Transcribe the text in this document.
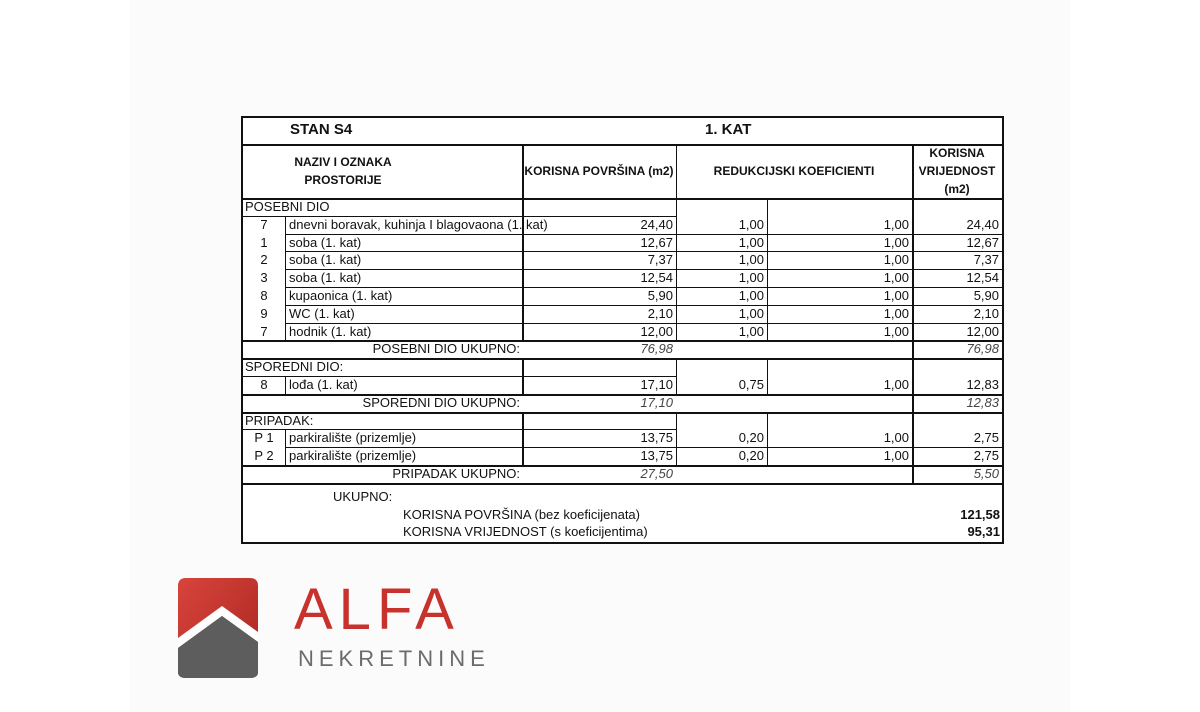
STAN S4	1. KAT
NAZIV I OZNAKA
PROSTORIJE
KORISNA POVRŠINA (m2)	REDUKCIJSKI KOEFICIENTI
KORISNA
VRIJEDNOST
(m2)
POSEBNI DIO
7	dnevni boravak, kuhinja I blagovaona (1. kat)	24,40	1,00	1,00	24,40
1	soba (1. kat)	12,67	1,00	1,00	12,67
2	soba (1. kat)	7,37	1,00	1,00	7,37
3	soba (1. kat)	12,54	1,00	1,00	12,54
8	kupaonica (1. kat)	5,90	1,00	1,00	5,90
9	WC (1. kat)	2,10	1,00	1,00	2,10
7	hodnik (1. kat)	12,00	1,00	1,00	12,00
POSEBNI DIO UKUPNO:	76,98	76,98
SPOREDNI DIO:
8	lođa (1. kat)	17,10	0,75	1,00	12,83
SPOREDNI DIO UKUPNO:	17,10	12,83
PRIPADAK:
P 1	parkiralište (prizemlje)	13,75	0,20	1,00	2,75
P 2	parkiralište (prizemlje)	13,75	0,20	1,00	2,75
PRIPADAK UKUPNO:	27,50	5,50
UKUPNO:
KORISNA POVRŠINA (bez koeficijenata)	121,58
KORISNA VRIJEDNOST (s koeficijentima)	95,31
ALFA
NEKRETNINE
